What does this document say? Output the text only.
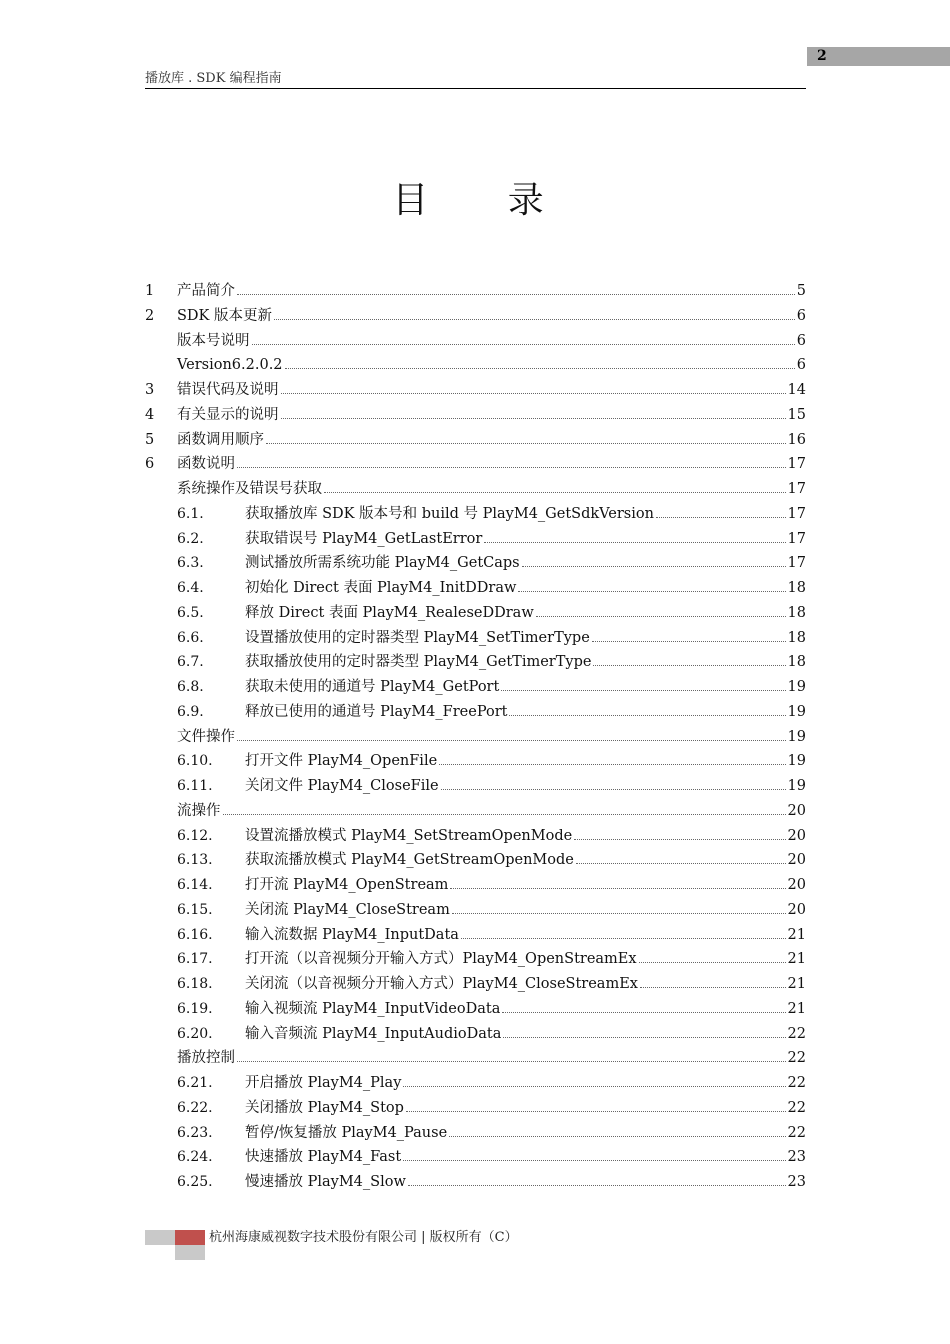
2
播放库 . SDK 编程指南
目 录
1 产品简介	5
2 SDK 版本更新	6
版本号说明	6
Version6.2.0.2	6
3 错误代码及说明	14
4 有关显示的说明	15
5 函数调用顺序	16
6 函数说明	17
系统操作及错误号获取	17
6.1.	获取播放库 SDK 版本号和 build 号 PlayM4_GetSdkVersion	17
6.2.	获取错误号 PlayM4_GetLastError	17
6.3.	测试播放所需系统功能 PlayM4_GetCaps	17
6.4.	初始化 Direct 表面 PlayM4_InitDDraw	18
6.5.	释放 Direct 表面 PlayM4_RealeseDDraw	18
6.6.	设置播放使用的定时器类型 PlayM4_SetTimerType	18
6.7.	获取播放使用的定时器类型 PlayM4_GetTimerType	18
6.8.	获取未使用的通道号 PlayM4_GetPort	19
6.9.	释放已使用的通道号 PlayM4_FreePort	19
文件操作	19
6.10. 打开文件 PlayM4_OpenFile	19
6.11. 关闭文件 PlayM4_CloseFile	19
流操作	20
6.12. 设置流播放模式 PlayM4_SetStreamOpenMode	20
6.13. 获取流播放模式 PlayM4_GetStreamOpenMode	20
6.14. 打开流 PlayM4_OpenStream	20
6.15. 关闭流 PlayM4_CloseStream	20
6.16. 输入流数据 PlayM4_InputData	21
6.17. 打开流（以音视频分开输入方式）PlayM4_OpenStreamEx	21
6.18. 关闭流（以音视频分开输入方式）PlayM4_CloseStreamEx	21
6.19. 输入视频流 PlayM4_InputVideoData	21
6.20. 输入音频流 PlayM4_InputAudioData	22
播放控制	22
6.21. 开启播放 PlayM4_Play	22
6.22. 关闭播放 PlayM4_Stop	22
6.23. 暂停/恢复播放 PlayM4_Pause	22
6.24. 快速播放 PlayM4_Fast	23
6.25. 慢速播放 PlayM4_Slow	23
杭州海康威视数字技术股份有限公司 | 版权所有（C）
